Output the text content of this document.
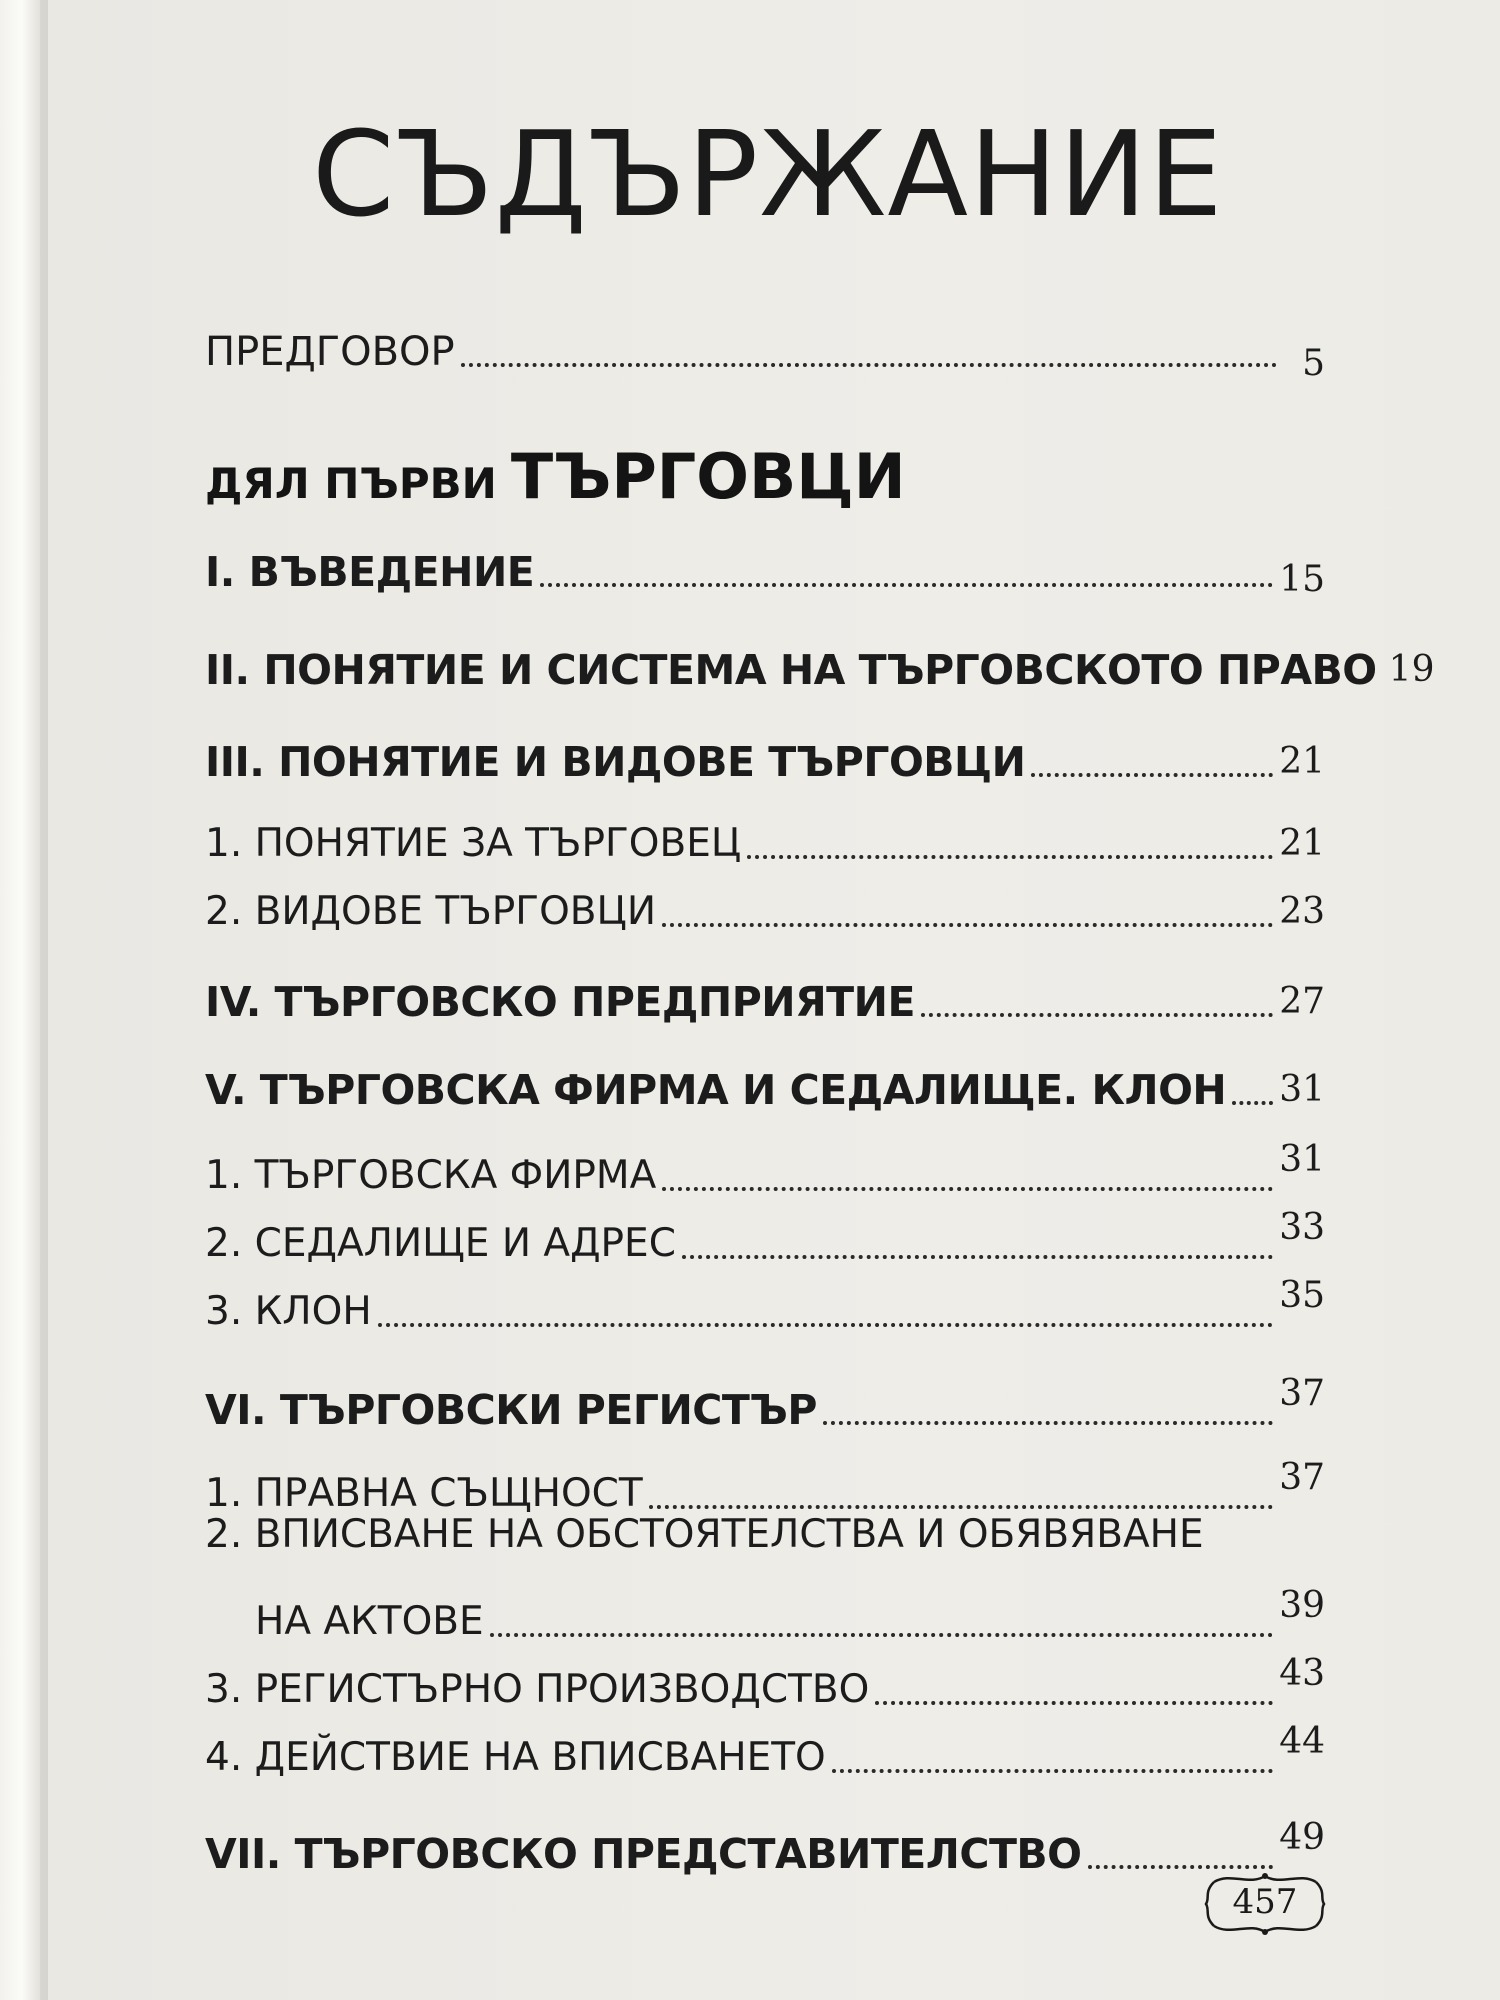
СЪДЪРЖАНИЕ
ПРЕДГОВОР	5
ДЯЛ ПЪРВИ ТЪРГОВЦИ
I. ВЪВЕДЕНИЕ	15
II. ПОНЯТИЕ И СИСТЕМА НА ТЪРГОВСКОТО ПРАВО 19
III. ПОНЯТИЕ И ВИДОВЕ ТЪРГОВЦИ	21
1. ПОНЯТИЕ ЗА ТЪРГОВЕЦ	21
2. ВИДОВЕ ТЪРГОВЦИ	23
IV. ТЪРГОВСКО ПРЕДПРИЯТИЕ	27
V. ТЪРГОВСКА ФИРМА И СЕДАЛИЩЕ. КЛОН 31
1. ТЪРГОВСКА ФИРМА	31
2. СЕДАЛИЩЕ И АДРЕС	33
3. КЛОН	35
VI. ТЪРГОВСКИ РЕГИСТЪР	37
1. ПРАВНА СЪЩНОСТ	37
2. ВПИСВАНЕ НА ОБСТОЯТЕЛСТВА И ОБЯВЯВАНЕ
НА АКТОВЕ	39
3. РЕГИСТЪРНО ПРОИЗВОДСТВО	43
4. ДЕЙСТВИЕ НА ВПИСВАНЕТО	44
VII. ТЪРГОВСКО ПРЕДСТАВИТЕЛСТВО	49
457
